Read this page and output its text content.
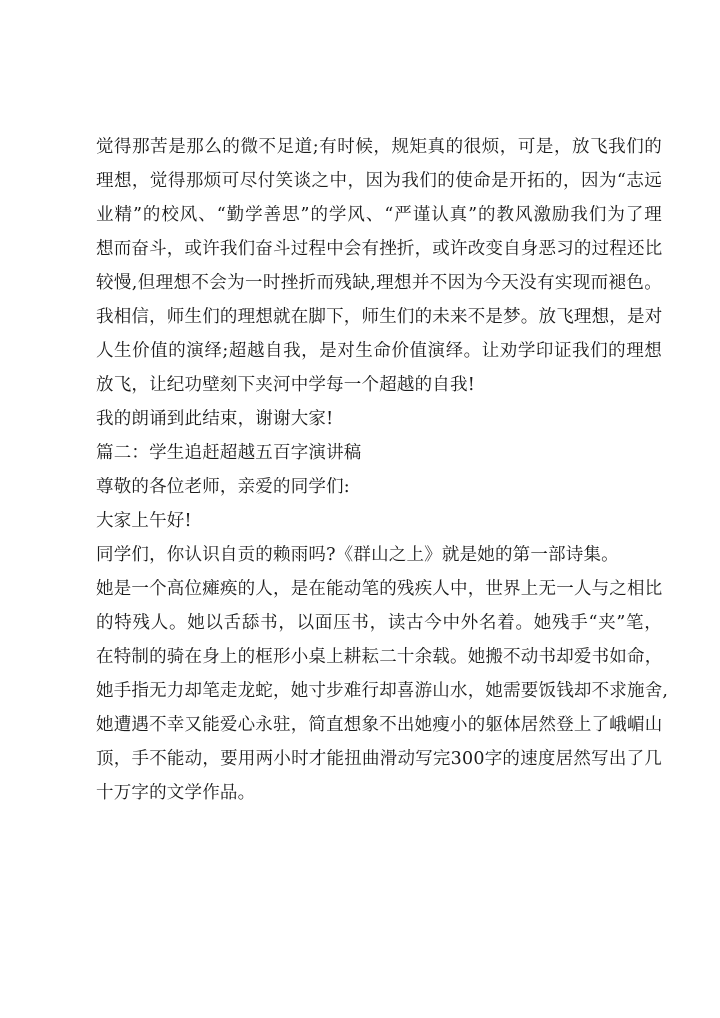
觉得那苦是那么的微不足道;有时候，规矩真的很烦，可是，放飞我们的
理想，觉得那烦可尽付笑谈之中，因为我们的使命是开拓的，因为“志远
业精”的校风、“勤学善思”的学风、“严谨认真”的教风激励我们为了理
想而奋斗，或许我们奋斗过程中会有挫折，或许改变自身恶习的过程还比
较慢,但理想不会为一时挫折而残缺,理想并不因为今天没有实现而褪色。
我相信，师生们的理想就在脚下，师生们的未来不是梦。放飞理想，是对
人生价值的演绎;超越自我，是对生命价值演绎。让劝学印证我们的理想
放飞，让纪功壁刻下夹河中学每一个超越的自我!
我的朗诵到此结束，谢谢大家!
篇二：学生追赶超越五百字演讲稿
尊敬的各位老师，亲爱的同学们:
大家上午好!
同学们，你认识自贡的赖雨吗?《群山之上》就是她的第一部诗集。
她是一个高位瘫痪的人，是在能动笔的残疾人中，世界上无一人与之相比
的特残人。她以舌舔书，以面压书，读古今中外名着。她残手“夹”笔，
在特制的骑在身上的框形小桌上耕耘二十余载。她搬不动书却爱书如命，
她手指无力却笔走龙蛇，她寸步难行却喜游山水，她需要饭钱却不求施舍,
她遭遇不幸又能爱心永驻，简直想象不出她瘦小的躯体居然登上了峨嵋山
顶，手不能动，要用两小时才能扭曲滑动写完300字的速度居然写出了几
十万字的文学作品。
